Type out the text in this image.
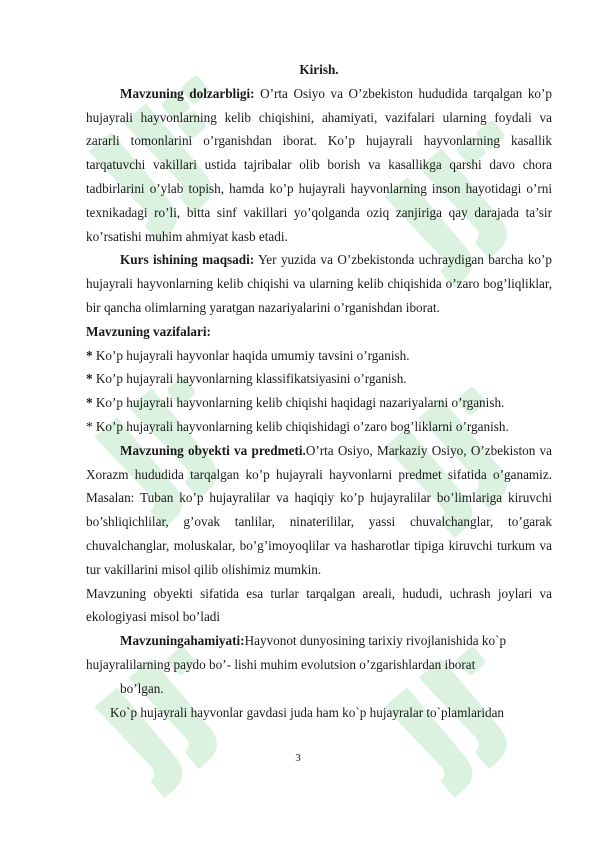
Kirish.

Mavzuning dolzarbligi: O’rta Osiyo va O’zbekiston hududida tarqalgan ko’p hujayrali hayvonlarning kelib chiqishini, ahamiyati, vazifalari ularning foydali va zararli tomonlarini o’rganishdan iborat. Ko’p hujayrali hayvonlarning kasallik tarqatuvchi vakillari ustida tajribalar olib borish va kasallikga qarshi davo chora tadbirlarini o’ylab topish, hamda ko’p hujayrali hayvonlarning inson hayotidagi o’rni texnikadagi ro’li, bitta sinf vakillari yo’qolganda oziq zanjiriga qay darajada ta’sir ko’rsatishi muhim ahmiyat kasb etadi.

Kurs ishining maqsadi: Yer yuzida va O’zbekistonda uchraydigan barcha ko’p hujayrali hayvonlarning kelib chiqishi va ularning kelib chiqishida o’zaro bog’liqliklar, bir qancha olimlarning yaratgan nazariyalarini o’rganishdan iborat.

Mavzuning vazifalari:

* Ko’p hujayrali hayvonlar haqida umumiy tavsini o’rganish.

* Ko’p hujayrali hayvonlarning klassifikatsiyasini o’rganish.

* Ko’p hujayrali hayvonlarning kelib chiqishi haqidagi nazariyalarni o’rganish.

* Ko’p hujayrali hayvonlarning kelib chiqishidagi o’zaro bog’liklarni o’rganish.

Mavzuning obyekti va predmeti.O’rta Osiyo, Markaziy Osiyo, O’zbekiston va Xorazm hududida tarqalgan ko’p hujayrali hayvonlarni predmet sifatida o’ganamiz. Masalan: Tuban ko’p hujayralilar va haqiqiy ko’p hujayralilar bo’limlariga kiruvchi bo’shliqichlilar, g’ovak tanlilar, ninaterililar, yassi chuvalchanglar, to’garak chuvalchanglar, moluskalar, bo’g’imoyoqlilar va hasharotlar tipiga kiruvchi turkum va tur vakillarini misol qilib olishimiz mumkin.

Mavzuning obyekti sifatida esa turlar tarqalgan areali, hududi, uchrash joylari va ekologiyasi misol bo’ladi

Mavzuningahamiyati:Hayvonot dunyosining tarixiy rivojlanishida ko`p hujayralilarning paydo bo’- lishi muhim evolutsion o’zgarishlardan iborat

bo’lgan.

Ko`p hujayrali hayvonlar gavdasi juda ham ko`p hujayralar to`plamlaridan

3
